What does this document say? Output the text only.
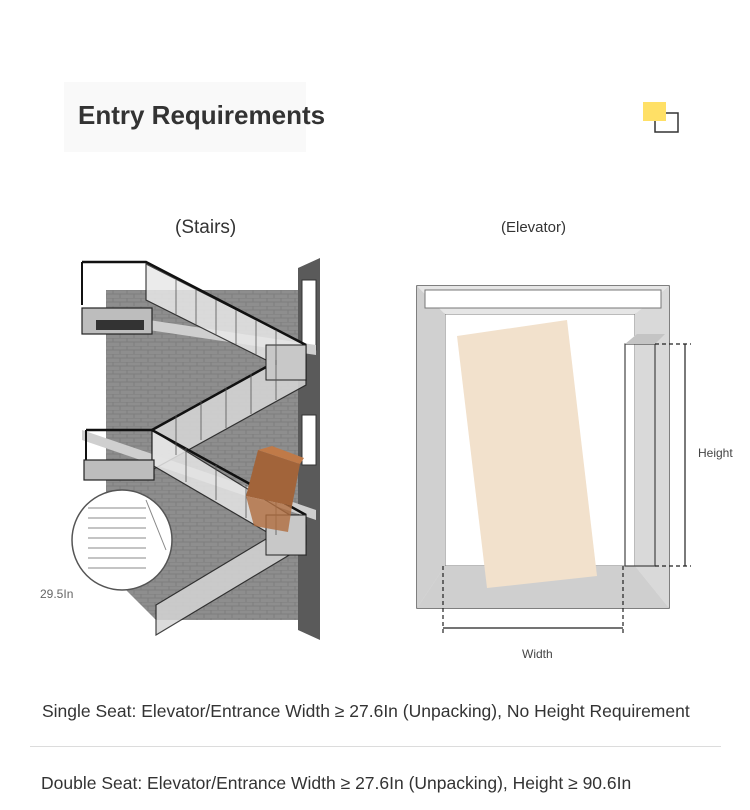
Entry Requirements
(Stairs)	(Elevator)
29.5In
Height
Width
Single Seat: Elevator/Entrance Width ≥ 27.6In (Unpacking), No Height Requirement
Double Seat: Elevator/Entrance Width ≥ 27.6In (Unpacking), Height ≥ 90.6In
